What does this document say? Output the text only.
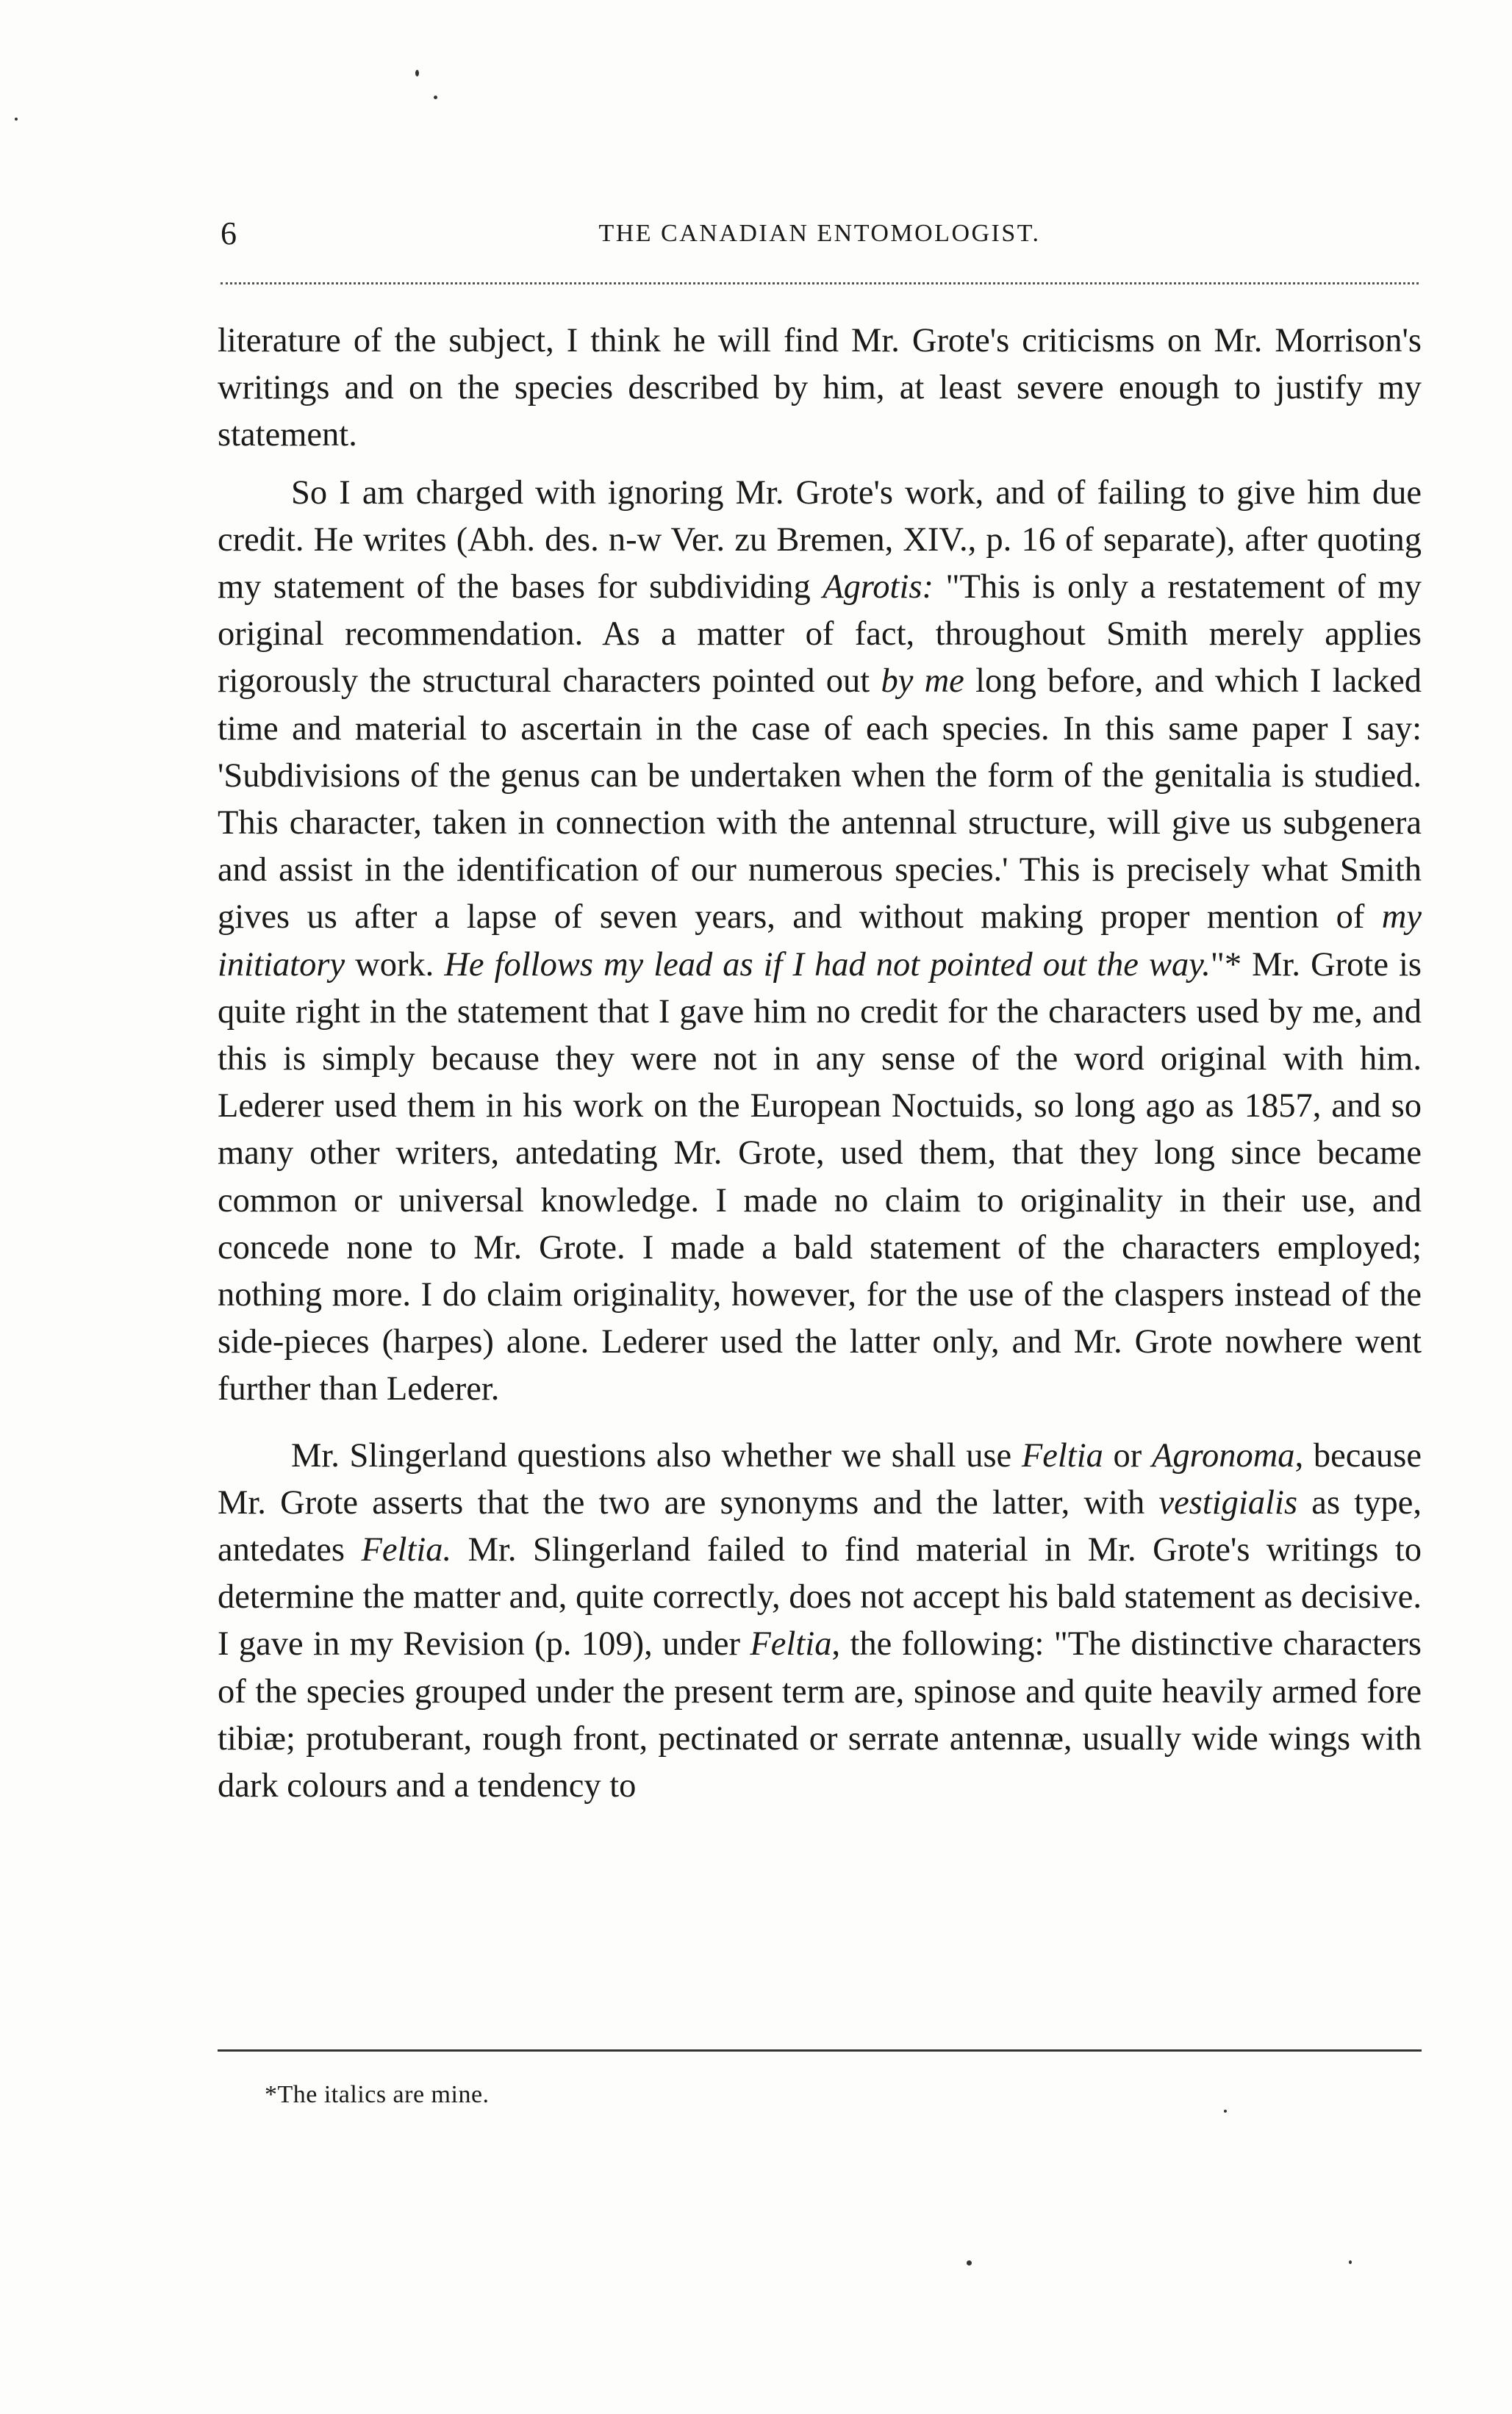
6	THE CANADIAN ENTOMOLOGIST.

literature of the subject, I think he will find Mr. Grote's criticisms on Mr. Morrison's writings and on the species described by him, at least severe enough to justify my statement.

So I am charged with ignoring Mr. Grote's work, and of failing to give him due credit. He writes (Abh. des. n-w Ver. zu Bremen, XIV., p. 16 of separate), after quoting my statement of the bases for subdividing Agrotis: "This is only a restatement of my original recommendation. As a matter of fact, throughout Smith merely applies rigorously the structural characters pointed out by me long before, and which I lacked time and material to ascertain in the case of each species. In this same paper I say: 'Subdivisions of the genus can be undertaken when the form of the genitalia is studied. This character, taken in connection with the antennal structure, will give us subgenera and assist in the identification of our numerous species.' This is precisely what Smith gives us after a lapse of seven years, and without making proper mention of my initiatory work. He follows my lead as if I had not pointed out the way."* Mr. Grote is quite right in the statement that I gave him no credit for the characters used by me, and this is simply because they were not in any sense of the word original with him. Lederer used them in his work on the European Noctuids, so long ago as 1857, and so many other writers, antedating Mr. Grote, used them, that they long since became common or universal knowledge. I made no claim to originality in their use, and concede none to Mr. Grote. I made a bald statement of the characters employed; nothing more. I do claim originality, however, for the use of the claspers instead of the side-pieces (harpes) alone. Lederer used the latter only, and Mr. Grote nowhere went further than Lederer.

Mr. Slingerland questions also whether we shall use Feltia or Agronoma, because Mr. Grote asserts that the two are synonyms and the latter, with vestigialis as type, antedates Feltia. Mr. Slingerland failed to find material in Mr. Grote's writings to determine the matter and, quite correctly, does not accept his bald statement as decisive. I gave in my Revision (p. 109), under Feltia, the following: "The distinctive characters of the species grouped under the present term are, spinose and quite heavily armed fore tibiæ; protuberant, rough front, pectinated or serrate antennæ, usually wide wings with dark colours and a tendency to

*The italics are mine.
